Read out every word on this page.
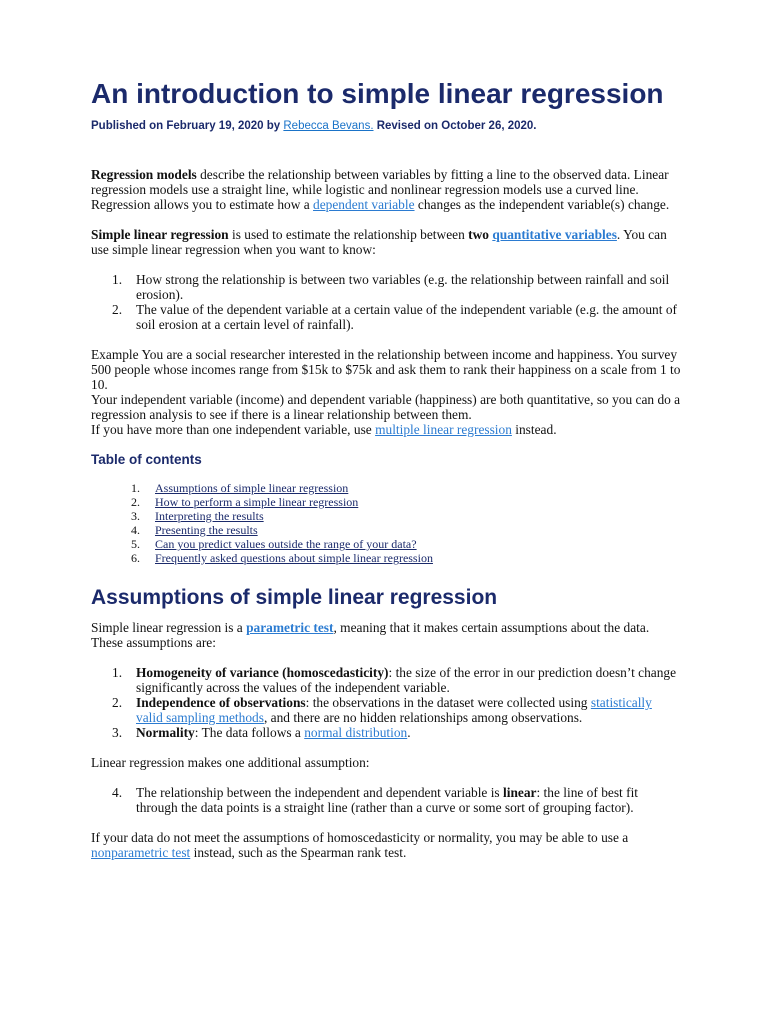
An introduction to simple linear regression
Published on February 19, 2020 by Rebecca Bevans. Revised on October 26, 2020.

Regression models describe the relationship between variables by fitting a line to the observed data. Linear regression models use a straight line, while logistic and nonlinear regression models use a curved line. Regression allows you to estimate how a dependent variable changes as the independent variable(s) change.

Simple linear regression is used to estimate the relationship between two quantitative variables. You can use simple linear regression when you want to know:

1. How strong the relationship is between two variables (e.g. the relationship between rainfall and soil erosion).
2. The value of the dependent variable at a certain value of the independent variable (e.g. the amount of soil erosion at a certain level of rainfall).

Example You are a social researcher interested in the relationship between income and happiness. You survey 500 people whose incomes range from $15k to $75k and ask them to rank their happiness on a scale from 1 to 10.

Your independent variable (income) and dependent variable (happiness) are both quantitative, so you can do a regression analysis to see if there is a linear relationship between them.

If you have more than one independent variable, use multiple linear regression instead.

Table of contents
1. Assumptions of simple linear regression
2. How to perform a simple linear regression
3. Interpreting the results
4. Presenting the results
5. Can you predict values outside the range of your data?
6. Frequently asked questions about simple linear regression
Assumptions of simple linear regression

Simple linear regression is a parametric test, meaning that it makes certain assumptions about the data. These assumptions are:

1. Homogeneity of variance (homoscedasticity): the size of the error in our prediction doesn’t change significantly across the values of the independent variable.
2. Independence of observations: the observations in the dataset were collected using statistically valid sampling methods, and there are no hidden relationships among observations.
3. Normality: The data follows a normal distribution.

Linear regression makes one additional assumption:

4. The relationship between the independent and dependent variable is linear: the line of best fit through the data points is a straight line (rather than a curve or some sort of grouping factor).

If your data do not meet the assumptions of homoscedasticity or normality, you may be able to use a nonparametric test instead, such as the Spearman rank test.
